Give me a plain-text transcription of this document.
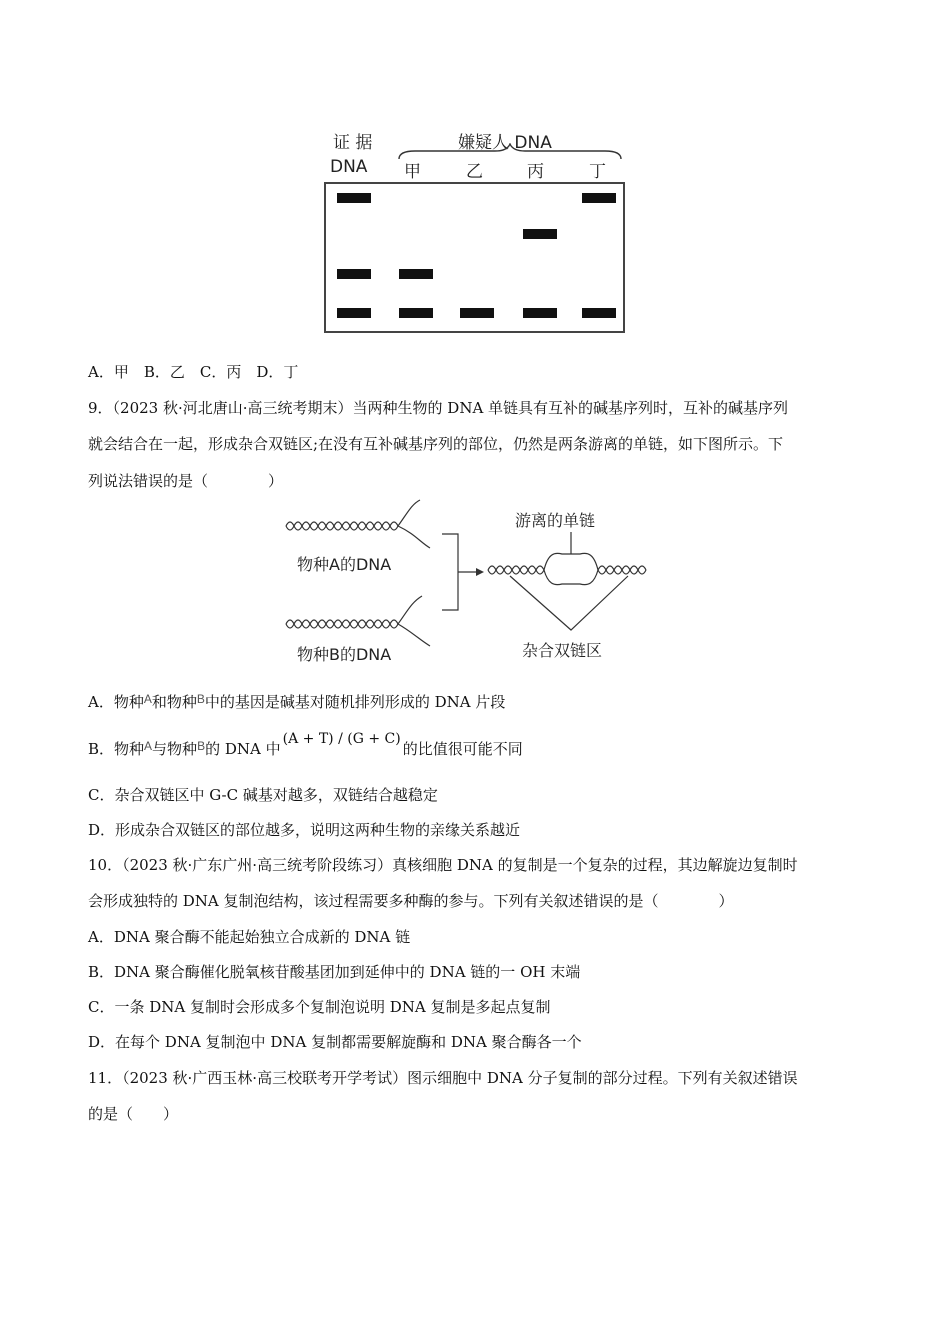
证 据
DNA
嫌疑人 DNA
甲	乙	丙	丁
A．甲　B．乙　C．丙　D．丁
9．（2023 秋·河北唐山·高三统考期末）当两种生物的 DNA 单链具有互补的碱基序列时，互补的碱基序列
就会结合在一起，形成杂合双链区;在没有互补碱基序列的部位，仍然是两条游离的单链，如下图所示。下
列说法错误的是（　　　　）
物种A的DNA
物种B的DNA
游离的单链
杂合双链区
A．物种$^A$和物种$^B$中的基因是碱基对随机排列形成的 DNA 片段
B．物种$^A$与物种$^B$的 DNA 中(A + T) / (G + C)的比值很可能不同
C．杂合双链区中 G-C 碱基对越多，双链结合越稳定
D．形成杂合双链区的部位越多，说明这两种生物的亲缘关系越近
10．（2023 秋·广东广州·高三统考阶段练习）真核细胞 DNA 的复制是一个复杂的过程，其边解旋边复制时
会形成独特的 DNA 复制泡结构，该过程需要多种酶的参与。下列有关叙述错误的是（　　　　）
A．DNA 聚合酶不能起始独立合成新的 DNA 链
B．DNA 聚合酶催化脱氧核苷酸基团加到延伸中的 DNA 链的一 OH 末端
C．一条 DNA 复制时会形成多个复制泡说明 DNA 复制是多起点复制
D．在每个 DNA 复制泡中 DNA 复制都需要解旋酶和 DNA 聚合酶各一个
11．（2023 秋·广西玉林·高三校联考开学考试）图示细胞中 DNA 分子复制的部分过程。下列有关叙述错误
的是（　　）
